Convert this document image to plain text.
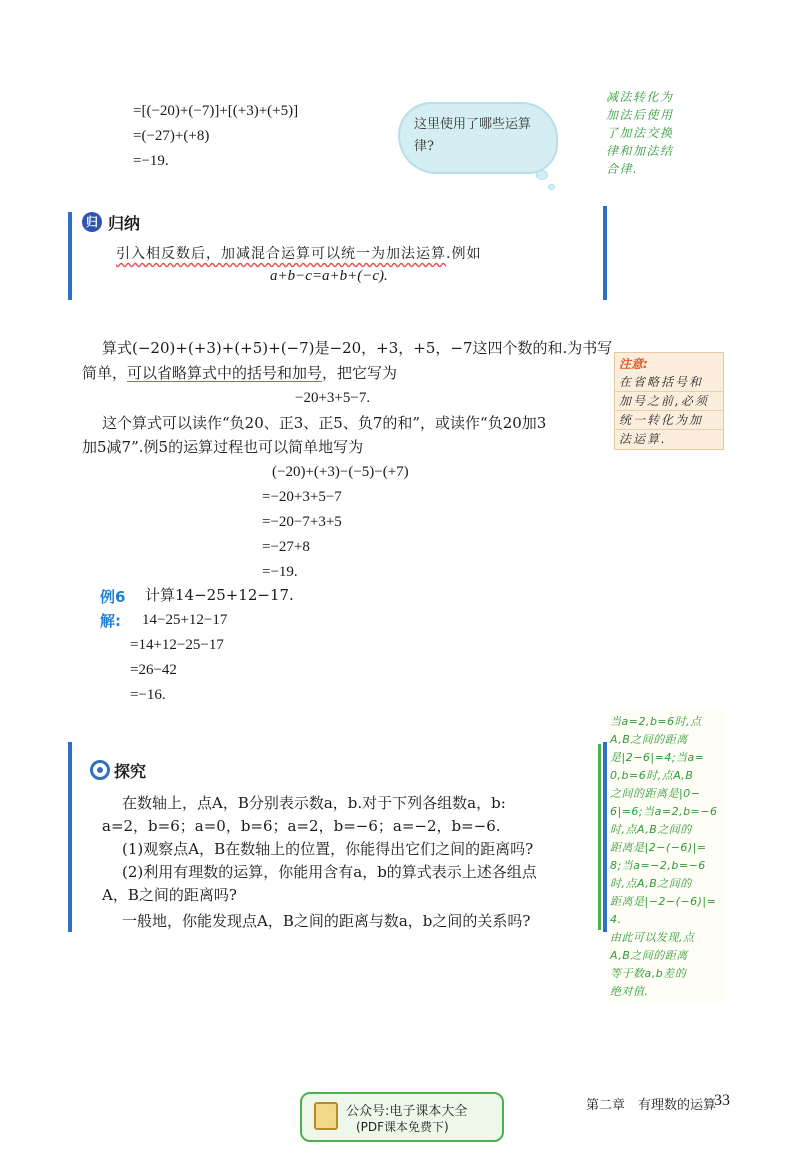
=[(−20)+(−7)]+[(+3)+(+5)]
=(−27)+(+8)
=−19.
这里使用了哪些运算律?
减法转化为
加法后使用
了加法交换
律和加法结
合律.
归 归纳
引入相反数后，加减混合运算可以统一为加法运算.例如
a+b−c=a+b+(−c).
算式(−20)+(+3)+(+5)+(−7)是−20，+3，+5，−7这四个数的和.为书写
简单，可以省略算式中的括号和加号，把它写为
−20+3+5−7.
注意:
在省略括号和
加号之前,必须
统一转化为加
法运算.
这个算式可以读作“负20、正3、正5、负7的和”，或读作“负20加3
加5减7”.例5的运算过程也可以简单地写为
(−20)+(+3)−(−5)−(+7)
=−20+3+5−7
=−20−7+3+5
=−27+8
=−19.
例6 计算14−25+12−17.
解: 14−25+12−17
=14+12−25−17
=26−42
=−16.
探究
在数轴上，点A，B分别表示数a，b.对于下列各组数a，b:
a=2，b=6；a=0，b=6；a=2，b=−6；a=−2，b=−6.
(1)观察点A，B在数轴上的位置，你能得出它们之间的距离吗?
(2)利用有理数的运算，你能用含有a，b的算式表示上述各组点
A，B之间的距离吗?
一般地，你能发现点A，B之间的距离与数a，b之间的关系吗?
当a=2,b=6时,点
A,B之间的距离
是|2−6|=4;当a=
0,b=6时,点A,B
之间的距离是|0−
6|=6;当a=2,b=−6
时,点A,B之间的
距离是|2−(−6)|=
8;当a=−2,b=−6
时,点A,B之间的
距离是|−2−(−6)|=
4.
由此可以发现,点
A,B之间的距离
等于数a,b差的
绝对值.
公众号:电子课本大全
(PDF课本免费下)
第二章　有理数的运算
33
